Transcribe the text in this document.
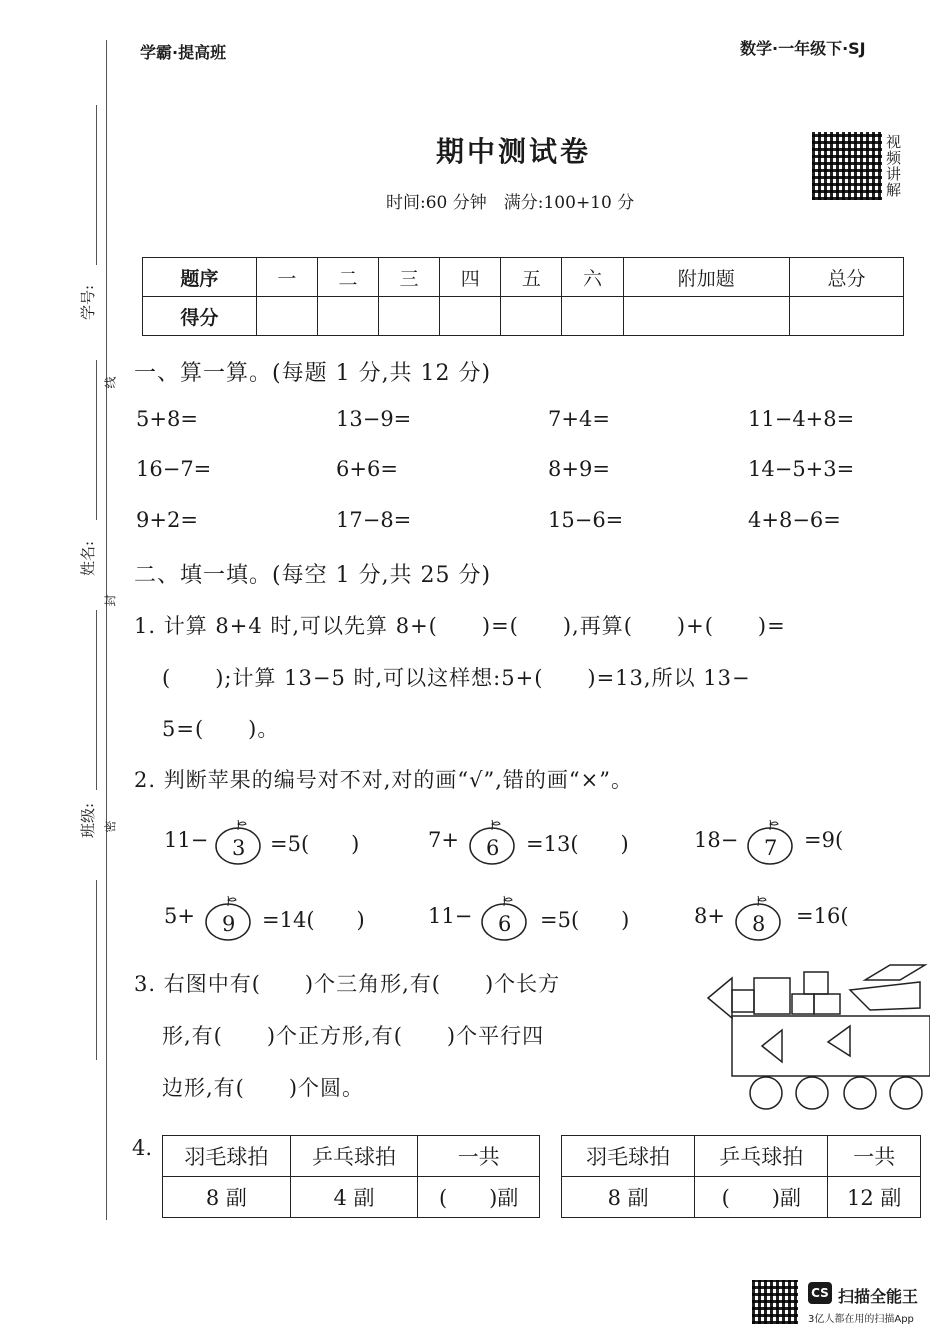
学霸·提高班	数学·一年级下·SJ
学号:
姓名:
班级:
线
封
密
期中测试卷
时间:60 分钟　满分:100+10 分
视频讲解
题序	一	二	三	四	五	六	附加题	总分
得分								
一、算一算。(每题 1 分,共 12 分)
5+8=	13−9=	7+4=	11−4+8=
16−7=	6+6=	8+9=	14−5+3=
9+2=	17−8=	15−6=	4+8−6=
二、填一填。(每空 1 分,共 25 分)
1. 计算 8+4 时,可以先算 8+(　　)=(　　),再算(　　)+(　　)=
(　　);计算 13−5 时,可以这样想:5+(　　)=13,所以 13−
5=(　　)。
2. 判断苹果的编号对不对,对的画“√”,错的画“×”。
11− 3 =5(　　)	7+ 6 =13(　　)	18− 7 =9(
5+ 9 =14(　　)	11− 6 =5(　　)	8+ 8 =16(
3. 右图中有(　　)个三角形,有(　　)个长方
形,有(　　)个正方形,有(　　)个平行四
边形,有(　　)个圆。
4. 羽毛球拍	乒乓球拍	一共
8 副	4 副	(　　)副
羽毛球拍	乒乓球拍	一共
8 副	(　　)副	12 副
CS 扫描全能王
3亿人都在用的扫描App
